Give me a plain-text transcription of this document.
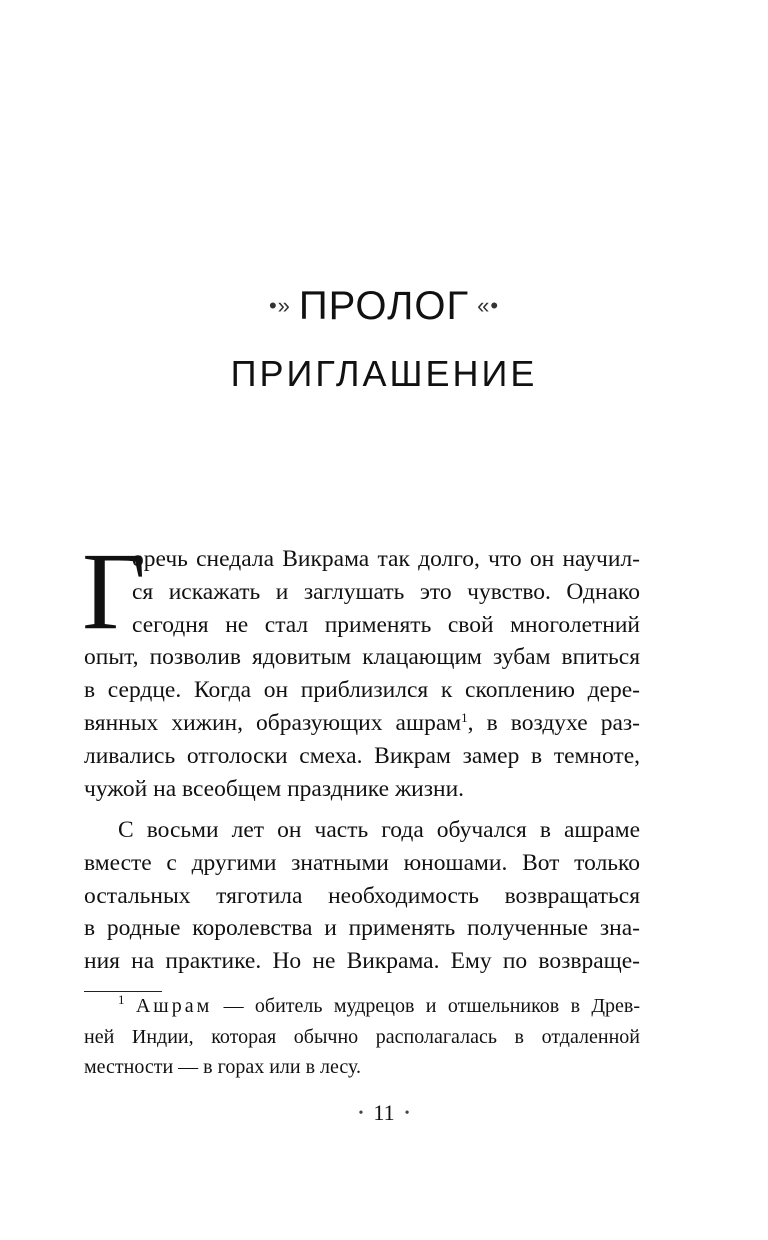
•» ПРОЛОГ «•
ПРИГЛАШЕНИЕ
Г
оречь снедала Викрама так долго, что он научил-
ся искажать и заглушать это чувство. Однако
сегодня не стал применять свой многолетний
опыт, позволив ядовитым клацающим зубам впиться
в сердце. Когда он приблизился к скоплению дере-
вянных хижин, образующих ашрам$^1$, в воздухе раз-
ливались отголоски смеха. Викрам замер в темноте,
чужой на всеобщем празднике жизни.
С восьми лет он часть года обучался в ашраме
вместе с другими знатными юношами. Вот только
остальных тяготила необходимость возвращаться
в родные королевства и применять полученные зна-
ния на практике. Но не Викрама. Ему по возвраще-
$^1$ Ашрам — обитель мудрецов и отшельников в Древ-
ней Индии, которая обычно располагалась в отдаленной
местности — в горах или в лесу.
• 11 •
